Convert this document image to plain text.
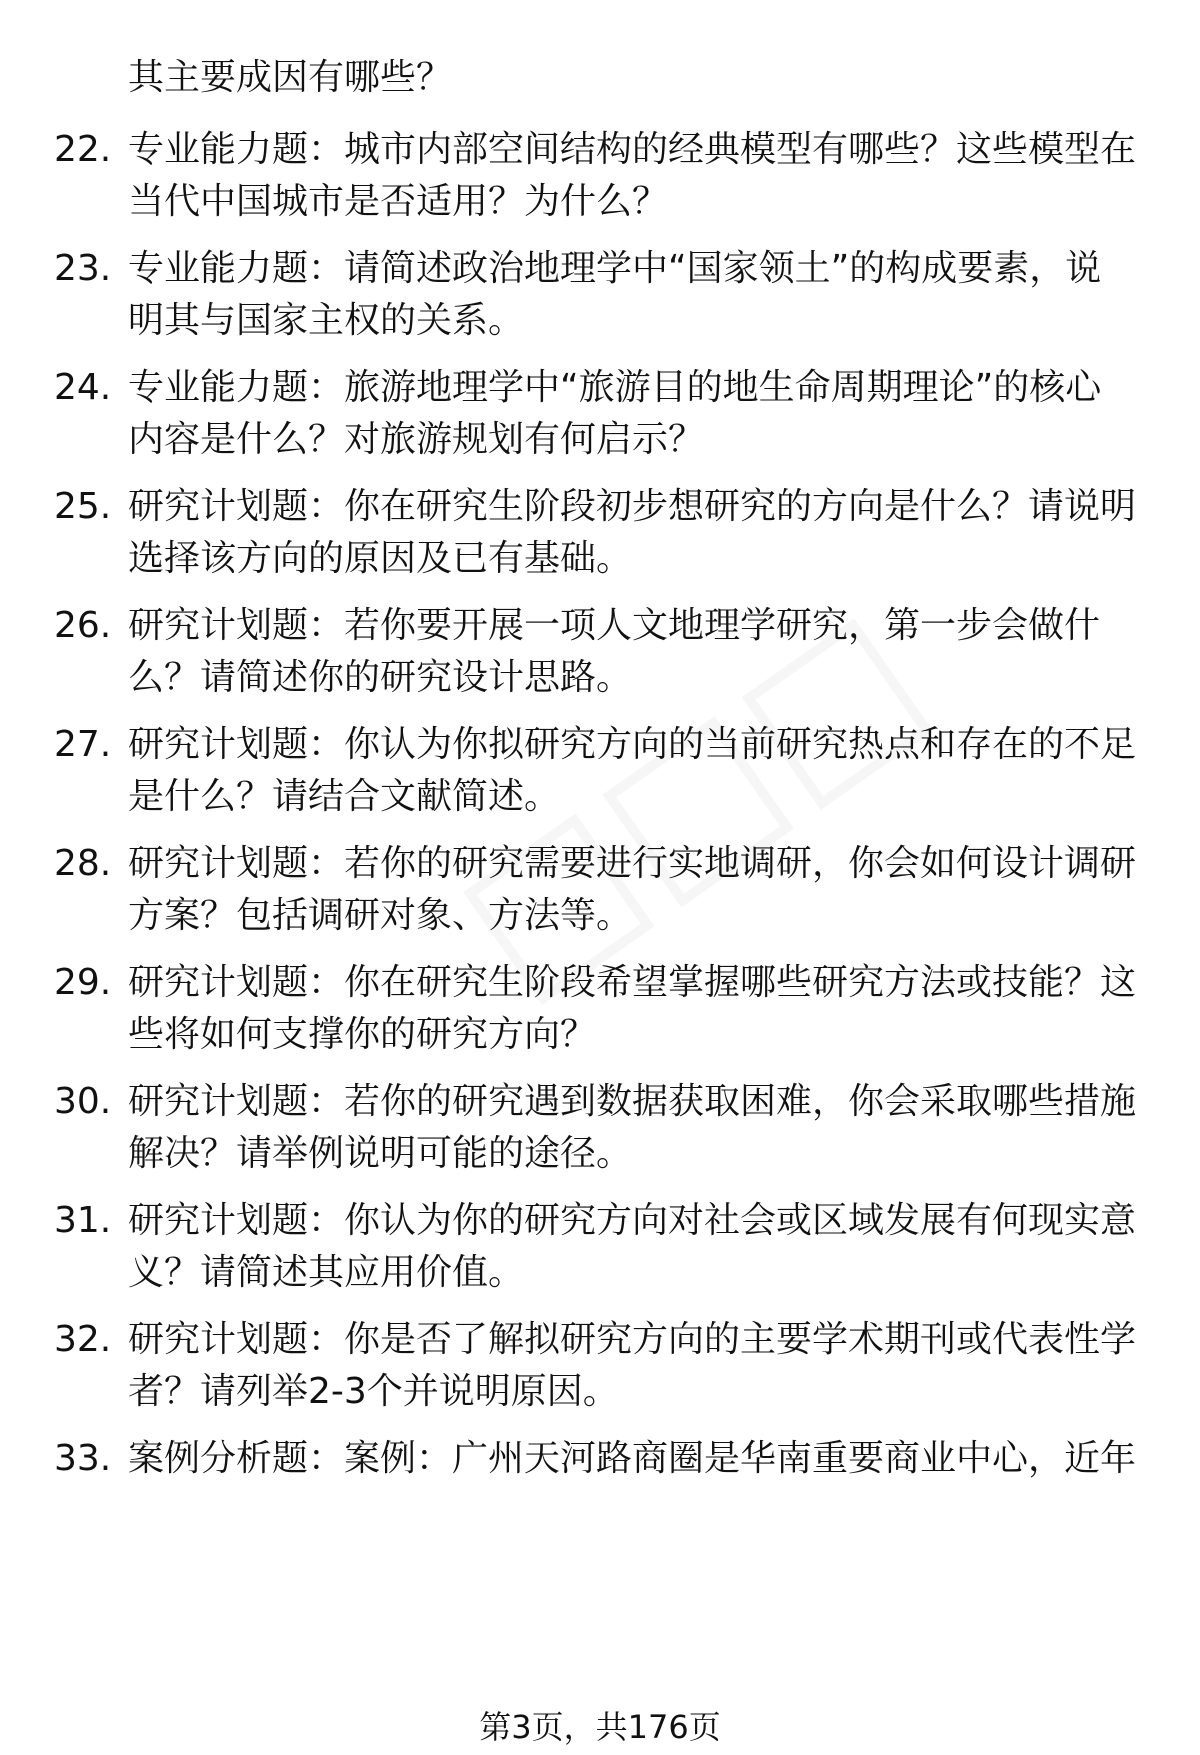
其主要成因有哪些？
22. 专业能力题：城市内部空间结构的经典模型有哪些？这些模型在
当代中国城市是否适用？为什么？
23. 专业能力题：请简述政治地理学中“国家领土”的构成要素，说
明其与国家主权的关系。
24. 专业能力题：旅游地理学中“旅游目的地生命周期理论”的核心
内容是什么？对旅游规划有何启示？
25. 研究计划题：你在研究生阶段初步想研究的方向是什么？请说明
选择该方向的原因及已有基础。
26. 研究计划题：若你要开展一项人文地理学研究，第一步会做什
么？请简述你的研究设计思路。
27. 研究计划题：你认为你拟研究方向的当前研究热点和存在的不足
是什么？请结合文献简述。
28. 研究计划题：若你的研究需要进行实地调研，你会如何设计调研
方案？包括调研对象、方法等。
29. 研究计划题：你在研究生阶段希望掌握哪些研究方法或技能？这
些将如何支撑你的研究方向？
30. 研究计划题：若你的研究遇到数据获取困难，你会采取哪些措施
解决？请举例说明可能的途径。
31. 研究计划题：你认为你的研究方向对社会或区域发展有何现实意
义？请简述其应用价值。
32. 研究计划题：你是否了解拟研究方向的主要学术期刊或代表性学
者？请列举2-3个并说明原因。
33. 案例分析题：案例：广州天河路商圈是华南重要商业中心，近年
第3页，共176页
